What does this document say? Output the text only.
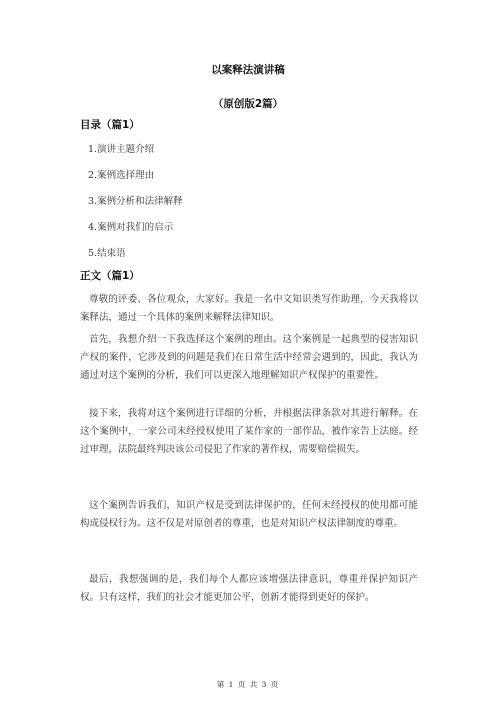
以案释法演讲稿
（原创版2篇）
目录（篇1）
1.演讲主题介绍
2.案例选择理由
3.案例分析和法律解释
4.案例对我们的启示
5.结束语
正文（篇1）

尊敬的评委、各位观众，大家好。我是一名中文知识类写作助理，今天我将以案释法，通过一个具体的案例来解释法律知识。

首先，我想介绍一下我选择这个案例的理由。这个案例是一起典型的侵害知识产权的案件，它涉及到的问题是我们在日常生活中经常会遇到的，因此，我认为通过对这个案例的分析，我们可以更深入地理解知识产权保护的重要性。

接下来，我将对这个案例进行详细的分析，并根据法律条款对其进行解释。在这个案例中，一家公司未经授权使用了某作家的一部作品，被作家告上法庭。经过审理，法院最终判决该公司侵犯了作家的著作权，需要赔偿损失。

这个案例告诉我们，知识产权是受到法律保护的，任何未经授权的使用都可能构成侵权行为。这不仅是对原创者的尊重，也是对知识产权法律制度的尊重。

最后，我想强调的是，我们每个人都应该增强法律意识，尊重并保护知识产权。只有这样，我们的社会才能更加公平，创新才能得到更好的保护。

第 1 页 共 3 页
